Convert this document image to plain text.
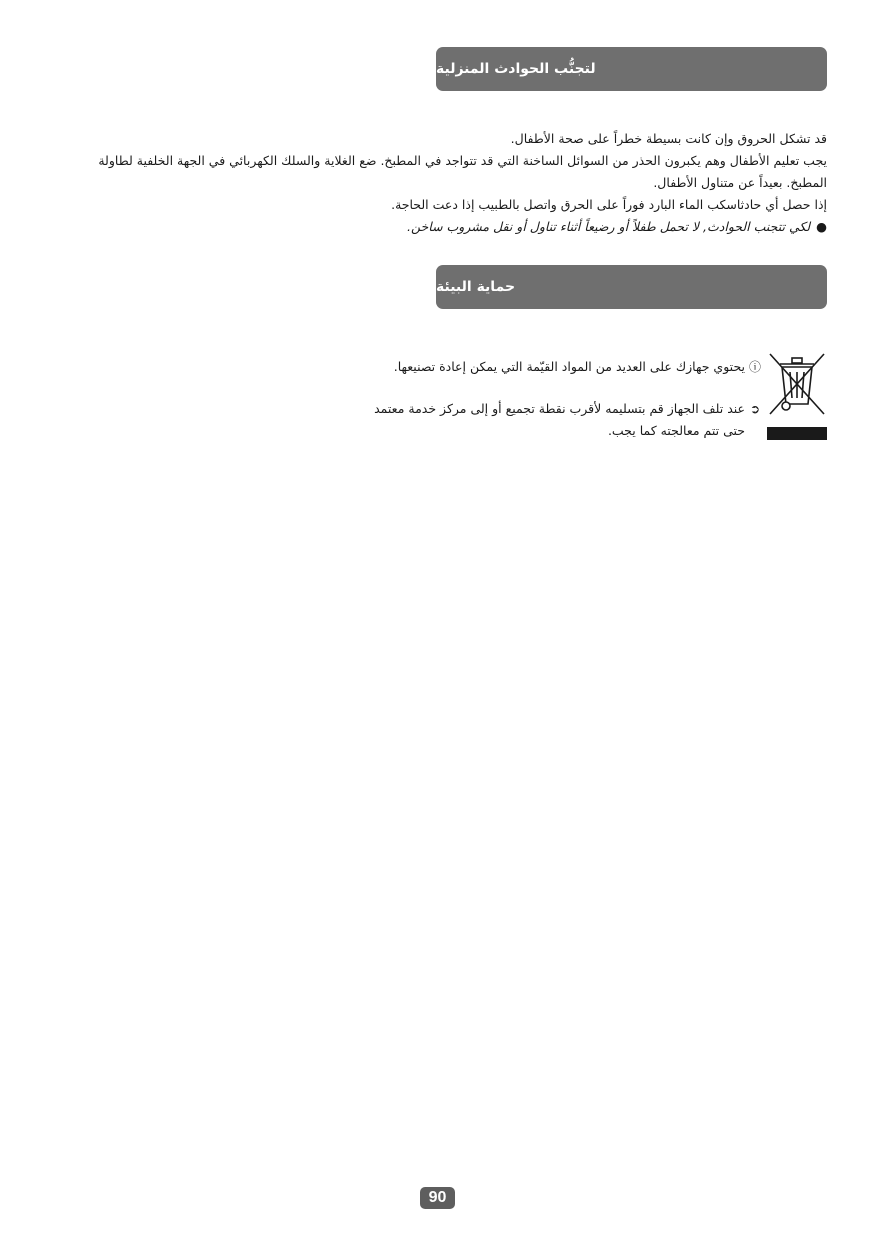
لتجنُّب الحوادث المنزلية

قد تشكل الحروق وإن كانت بسيطة خطراً على صحة الأطفال.

يجب تعليم الأطفال وهم يكبرون الحذر من السوائل الساخنة التي قد تتواجد في المطبخ. ضع الغلاية والسلك الكهربائي في الجهة الخلفية لطاولة المطبخ. بعيداً عن متناول الأطفال.

إذا حصل أي حادثاسكب الماء البارد فوراً على الحرق واتصل بالطبيب إذا دعت الحاجة.

●لكي تتجنب الحوادث, لا تحمل طفلاً أو رضيعاً أثناء تناول أو نقل مشروب ساخن.

حماية البيئة
ⓘ
يحتوي جهازك على العديد من المواد القيّمة التي يمكن إعادة تصنيعها.
➲
عند تلف الجهاز قم بتسليمه لأقرب نقطة تجميع أو إلى مركز خدمة معتمد حتى تتم معالجته كما يجب.
90
